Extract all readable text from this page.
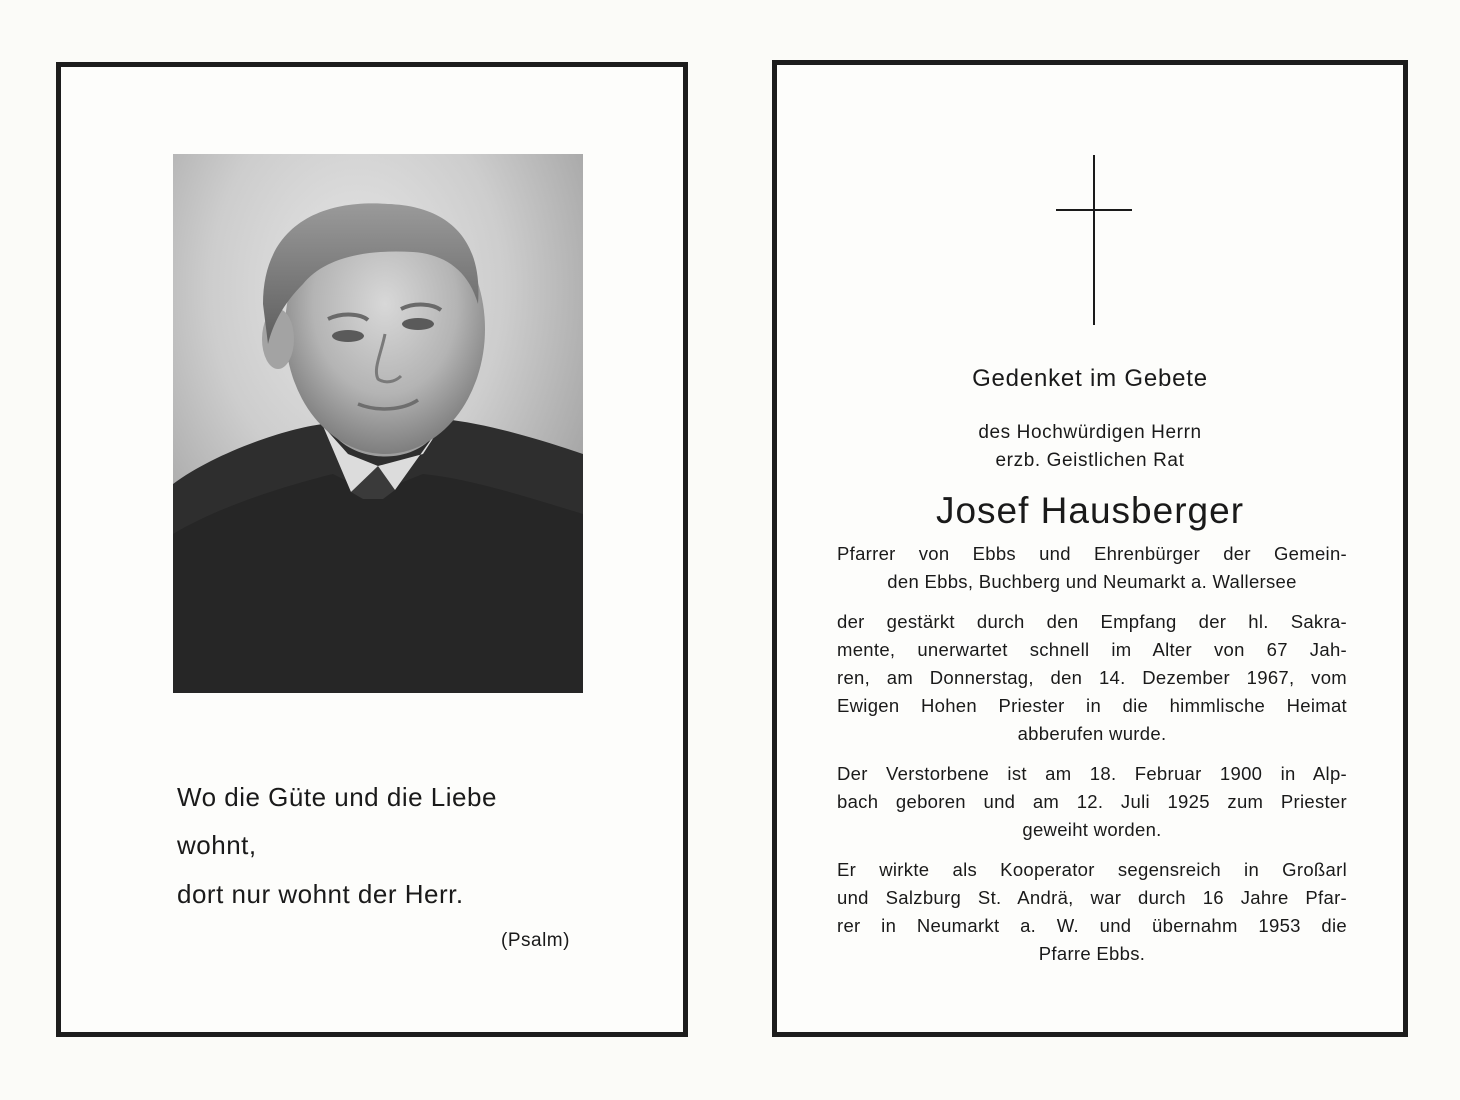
Wo die Güte und die Liebe
wohnt,
dort nur wohnt der Herr.
(Psalm)
Gedenket im Gebete
des Hochwürdigen Herrn
erzb. Geistlichen Rat
Josef Hausberger
Pfarrer von Ebbs und Ehrenbürger der Gemein-
den Ebbs, Buchberg und Neumarkt a. Wallersee
der gestärkt durch den Empfang der hl. Sakra-
mente, unerwartet schnell im Alter von 67 Jah-
ren, am Donnerstag, den 14. Dezember 1967, vom
Ewigen Hohen Priester in die himmlische Heimat
abberufen wurde.
Der Verstorbene ist am 18. Februar 1900 in Alp-
bach geboren und am 12. Juli 1925 zum Priester
geweiht worden.
Er wirkte als Kooperator segensreich in Großarl
und Salzburg St. Andrä, war durch 16 Jahre Pfar-
rer in Neumarkt a. W. und übernahm 1953 die
Pfarre Ebbs.
